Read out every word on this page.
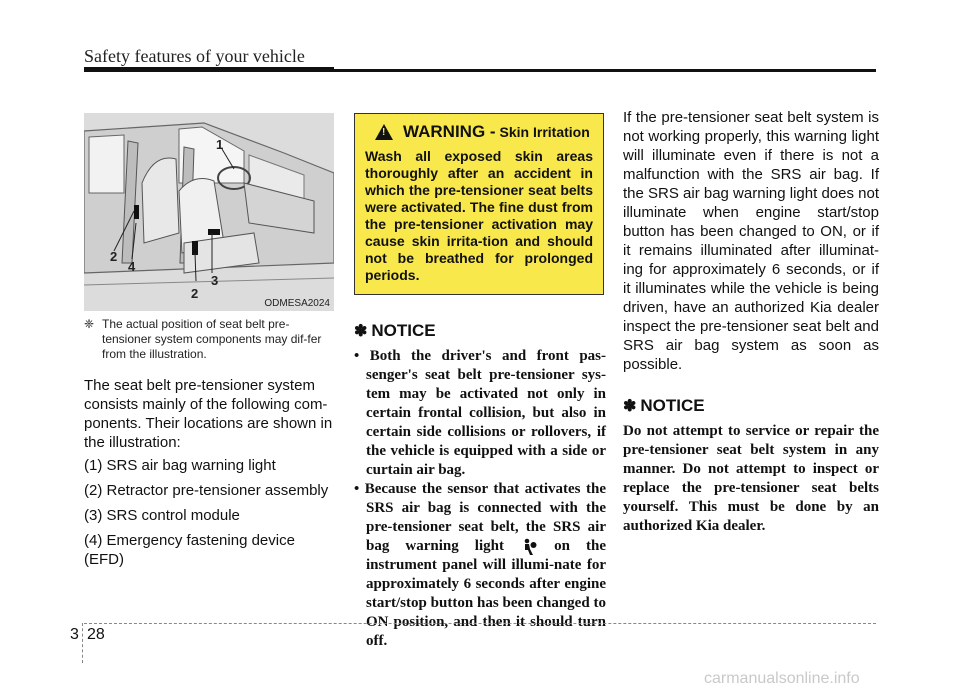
Safety features of your vehicle
1
2
4
3
2
ODMESA2024
❈ The actual position of seat belt pre-tensioner system components may dif-fer from the illustration.

The seat belt pre-tensioner system consists mainly of the following com-ponents. Their locations are shown in the illustration:

(1) SRS air bag warning light
(2) Retractor pre-tensioner assembly
(3) SRS control module
(4) Emergency fastening device (EFD)
!
WARNING - Skin Irritation
Wash all exposed skin areas thoroughly after an accident in which the pre-tensioner seat belts were activated. The fine dust from the pre-tensioner activation may cause skin irrita-tion and should not be breathed for prolonged periods.
✽ NOTICE
• Both the driver's and front pas-senger's seat belt pre-tensioner sys-tem may be activated not only in certain frontal collision, but also in certain side collisions or rollovers, if the vehicle is equipped with a side or curtain air bag.
• Because the sensor that activates the SRS air bag is connected with the pre-tensioner seat belt, the SRS air bag warning light	on the instrument panel will illumi-nate for approximately 6 seconds after engine start/stop button has been changed to ON position, and then it should turn off.

If the pre-tensioner seat belt system is not working properly, this warning light will illuminate even if there is not a malfunction with the SRS air bag. If the SRS air bag warning light does not illuminate when engine start/stop button has been changed to ON, or if it remains illuminated after illuminat-ing for approximately 6 seconds, or if it illuminates while the vehicle is being driven, have an authorized Kia dealer inspect the pre-tensioner seat belt and SRS air bag system as soon as possible.

✽ NOTICE
Do not attempt to service or repair the pre-tensioner seat belt system in any manner. Do not attempt to inspect or replace the pre-tensioner seat belts yourself. This must be done by an authorized Kia dealer.
3 28
carmanualsonline.info
